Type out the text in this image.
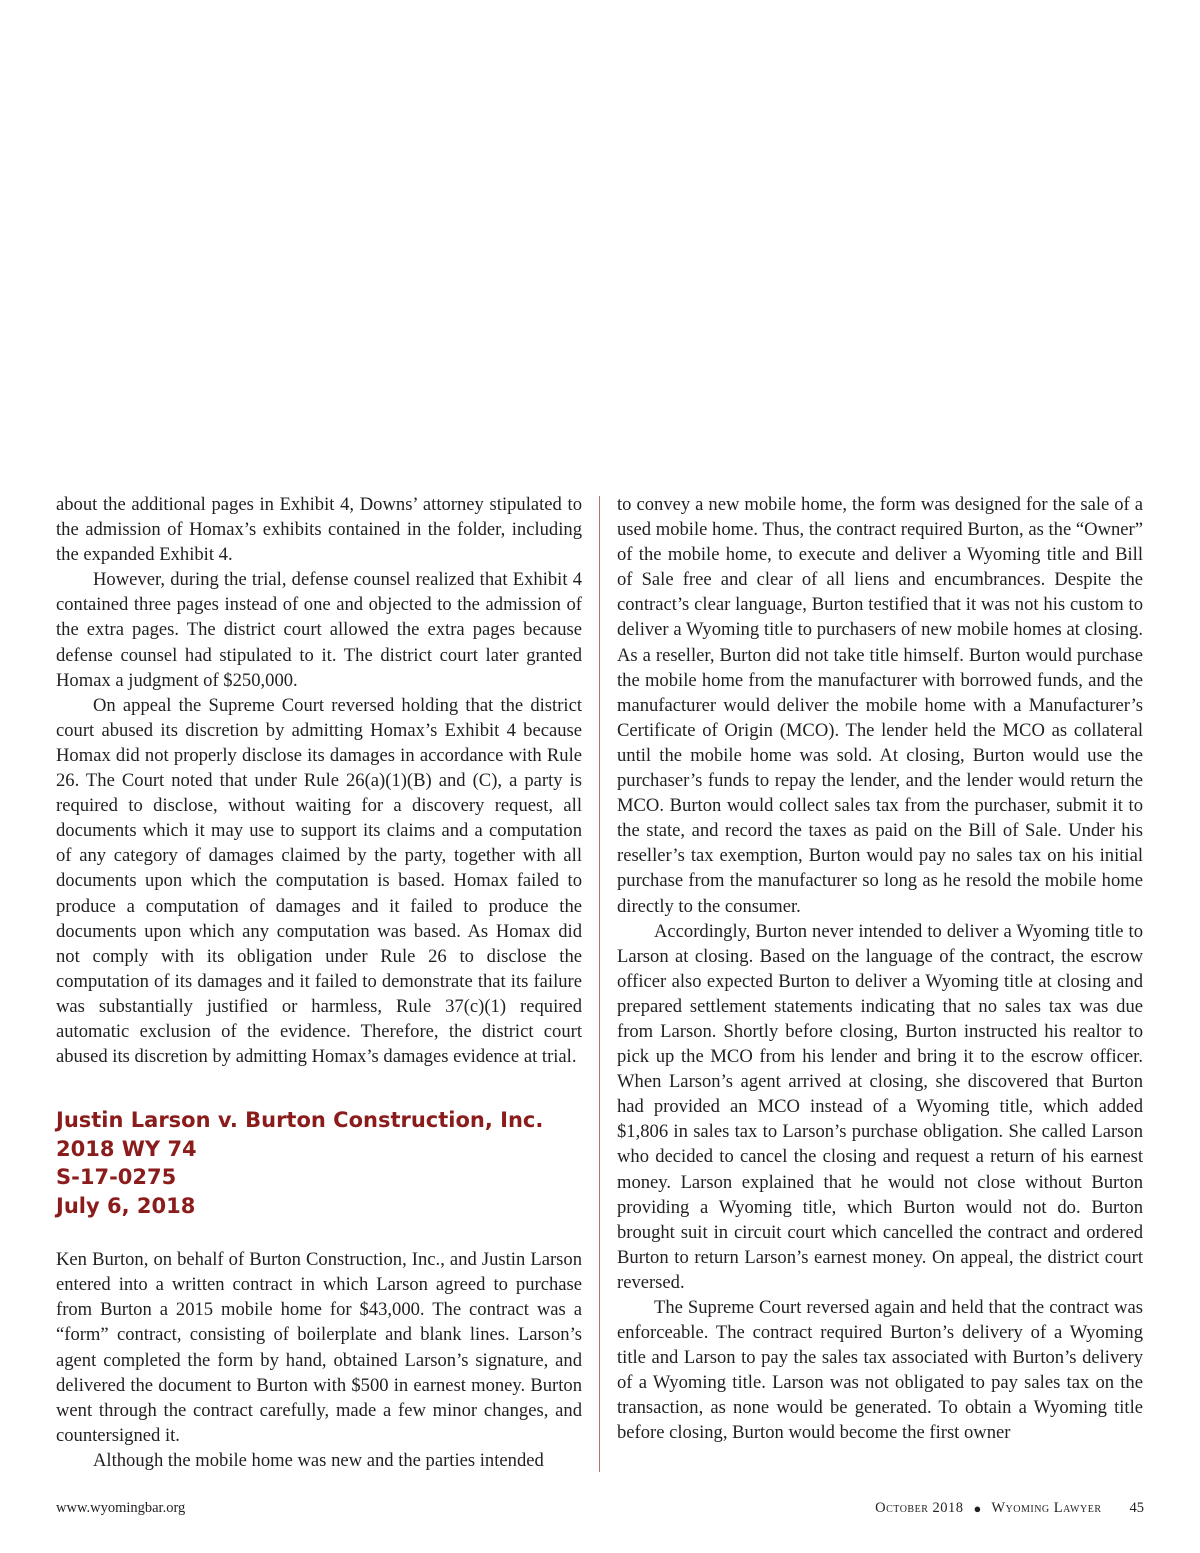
about the additional pages in Exhibit 4, Downs’ attorney stipulated to the admission of Homax’s exhibits contained in the folder, including the expanded Exhibit 4.

However, during the trial, defense counsel realized that Exhibit 4 contained three pages instead of one and objected to the admission of the extra pages. The district court allowed the extra pages because defense counsel had stipulated to it. The district court later granted Homax a judgment of $250,000.

On appeal the Supreme Court reversed holding that the district court abused its discretion by admitting Homax’s Exhibit 4 because Homax did not properly disclose its damages in accordance with Rule 26. The Court noted that under Rule 26(a)(1)(B) and (C), a party is required to disclose, without waiting for a discovery request, all documents which it may use to support its claims and a computation of any category of damages claimed by the party, together with all documents upon which the computation is based. Homax failed to produce a computation of damages and it failed to produce the documents upon which any computation was based. As Homax did not comply with its obligation under Rule 26 to disclose the computation of its damages and it failed to demonstrate that its failure was substantially justified or harmless, Rule 37(c)(1) required automatic exclusion of the evidence. Therefore, the district court abused its discretion by admitting Homax’s damages evidence at trial.

Justin Larson v. Burton Construction, Inc.
2018 WY 74
S-17-0275
July 6, 2018

Ken Burton, on behalf of Burton Construction, Inc., and Justin Larson entered into a written contract in which Larson agreed to purchase from Burton a 2015 mobile home for $43,000. The contract was a “form” contract, consisting of boilerplate and blank lines. Larson’s agent completed the form by hand, obtained Larson’s signature, and delivered the document to Burton with $500 in earnest money. Burton went through the contract carefully, made a few minor changes, and countersigned it.

Although the mobile home was new and the parties intended

to convey a new mobile home, the form was designed for the sale of a used mobile home. Thus, the contract required Burton, as the “Owner” of the mobile home, to execute and deliver a Wyoming title and Bill of Sale free and clear of all liens and encumbrances. Despite the contract’s clear language, Burton testified that it was not his custom to deliver a Wyoming title to purchasers of new mobile homes at closing. As a reseller, Burton did not take title himself. Burton would purchase the mobile home from the manufacturer with borrowed funds, and the manufacturer would deliver the mobile home with a Manufacturer’s Certificate of Origin (MCO). The lender held the MCO as collateral until the mobile home was sold. At closing, Burton would use the purchaser’s funds to repay the lender, and the lender would return the MCO. Burton would collect sales tax from the purchaser, submit it to the state, and record the taxes as paid on the Bill of Sale. Under his reseller’s tax exemption, Burton would pay no sales tax on his initial purchase from the manufacturer so long as he resold the mobile home directly to the consumer.

Accordingly, Burton never intended to deliver a Wyoming title to Larson at closing. Based on the language of the contract, the escrow officer also expected Burton to deliver a Wyoming title at closing and prepared settlement statements indicating that no sales tax was due from Larson. Shortly before closing, Burton instructed his realtor to pick up the MCO from his lender and bring it to the escrow officer. When Larson’s agent arrived at closing, she discovered that Burton had provided an MCO instead of a Wyoming title, which added $1,806 in sales tax to Larson’s purchase obligation. She called Larson who decided to cancel the closing and request a return of his earnest money. Larson explained that he would not close without Burton providing a Wyoming title, which Burton would not do. Burton brought suit in circuit court which cancelled the contract and ordered Burton to return Larson’s earnest money. On appeal, the district court reversed.

The Supreme Court reversed again and held that the contract was enforceable. The contract required Burton’s delivery of a Wyoming title and Larson to pay the sales tax associated with Burton’s delivery of a Wyoming title. Larson was not obligated to pay sales tax on the transaction, as none would be generated. To obtain a Wyoming title before closing, Burton would become the first owner

www.wyomingbar.org	October 2018 ● Wyoming Lawyer 45
